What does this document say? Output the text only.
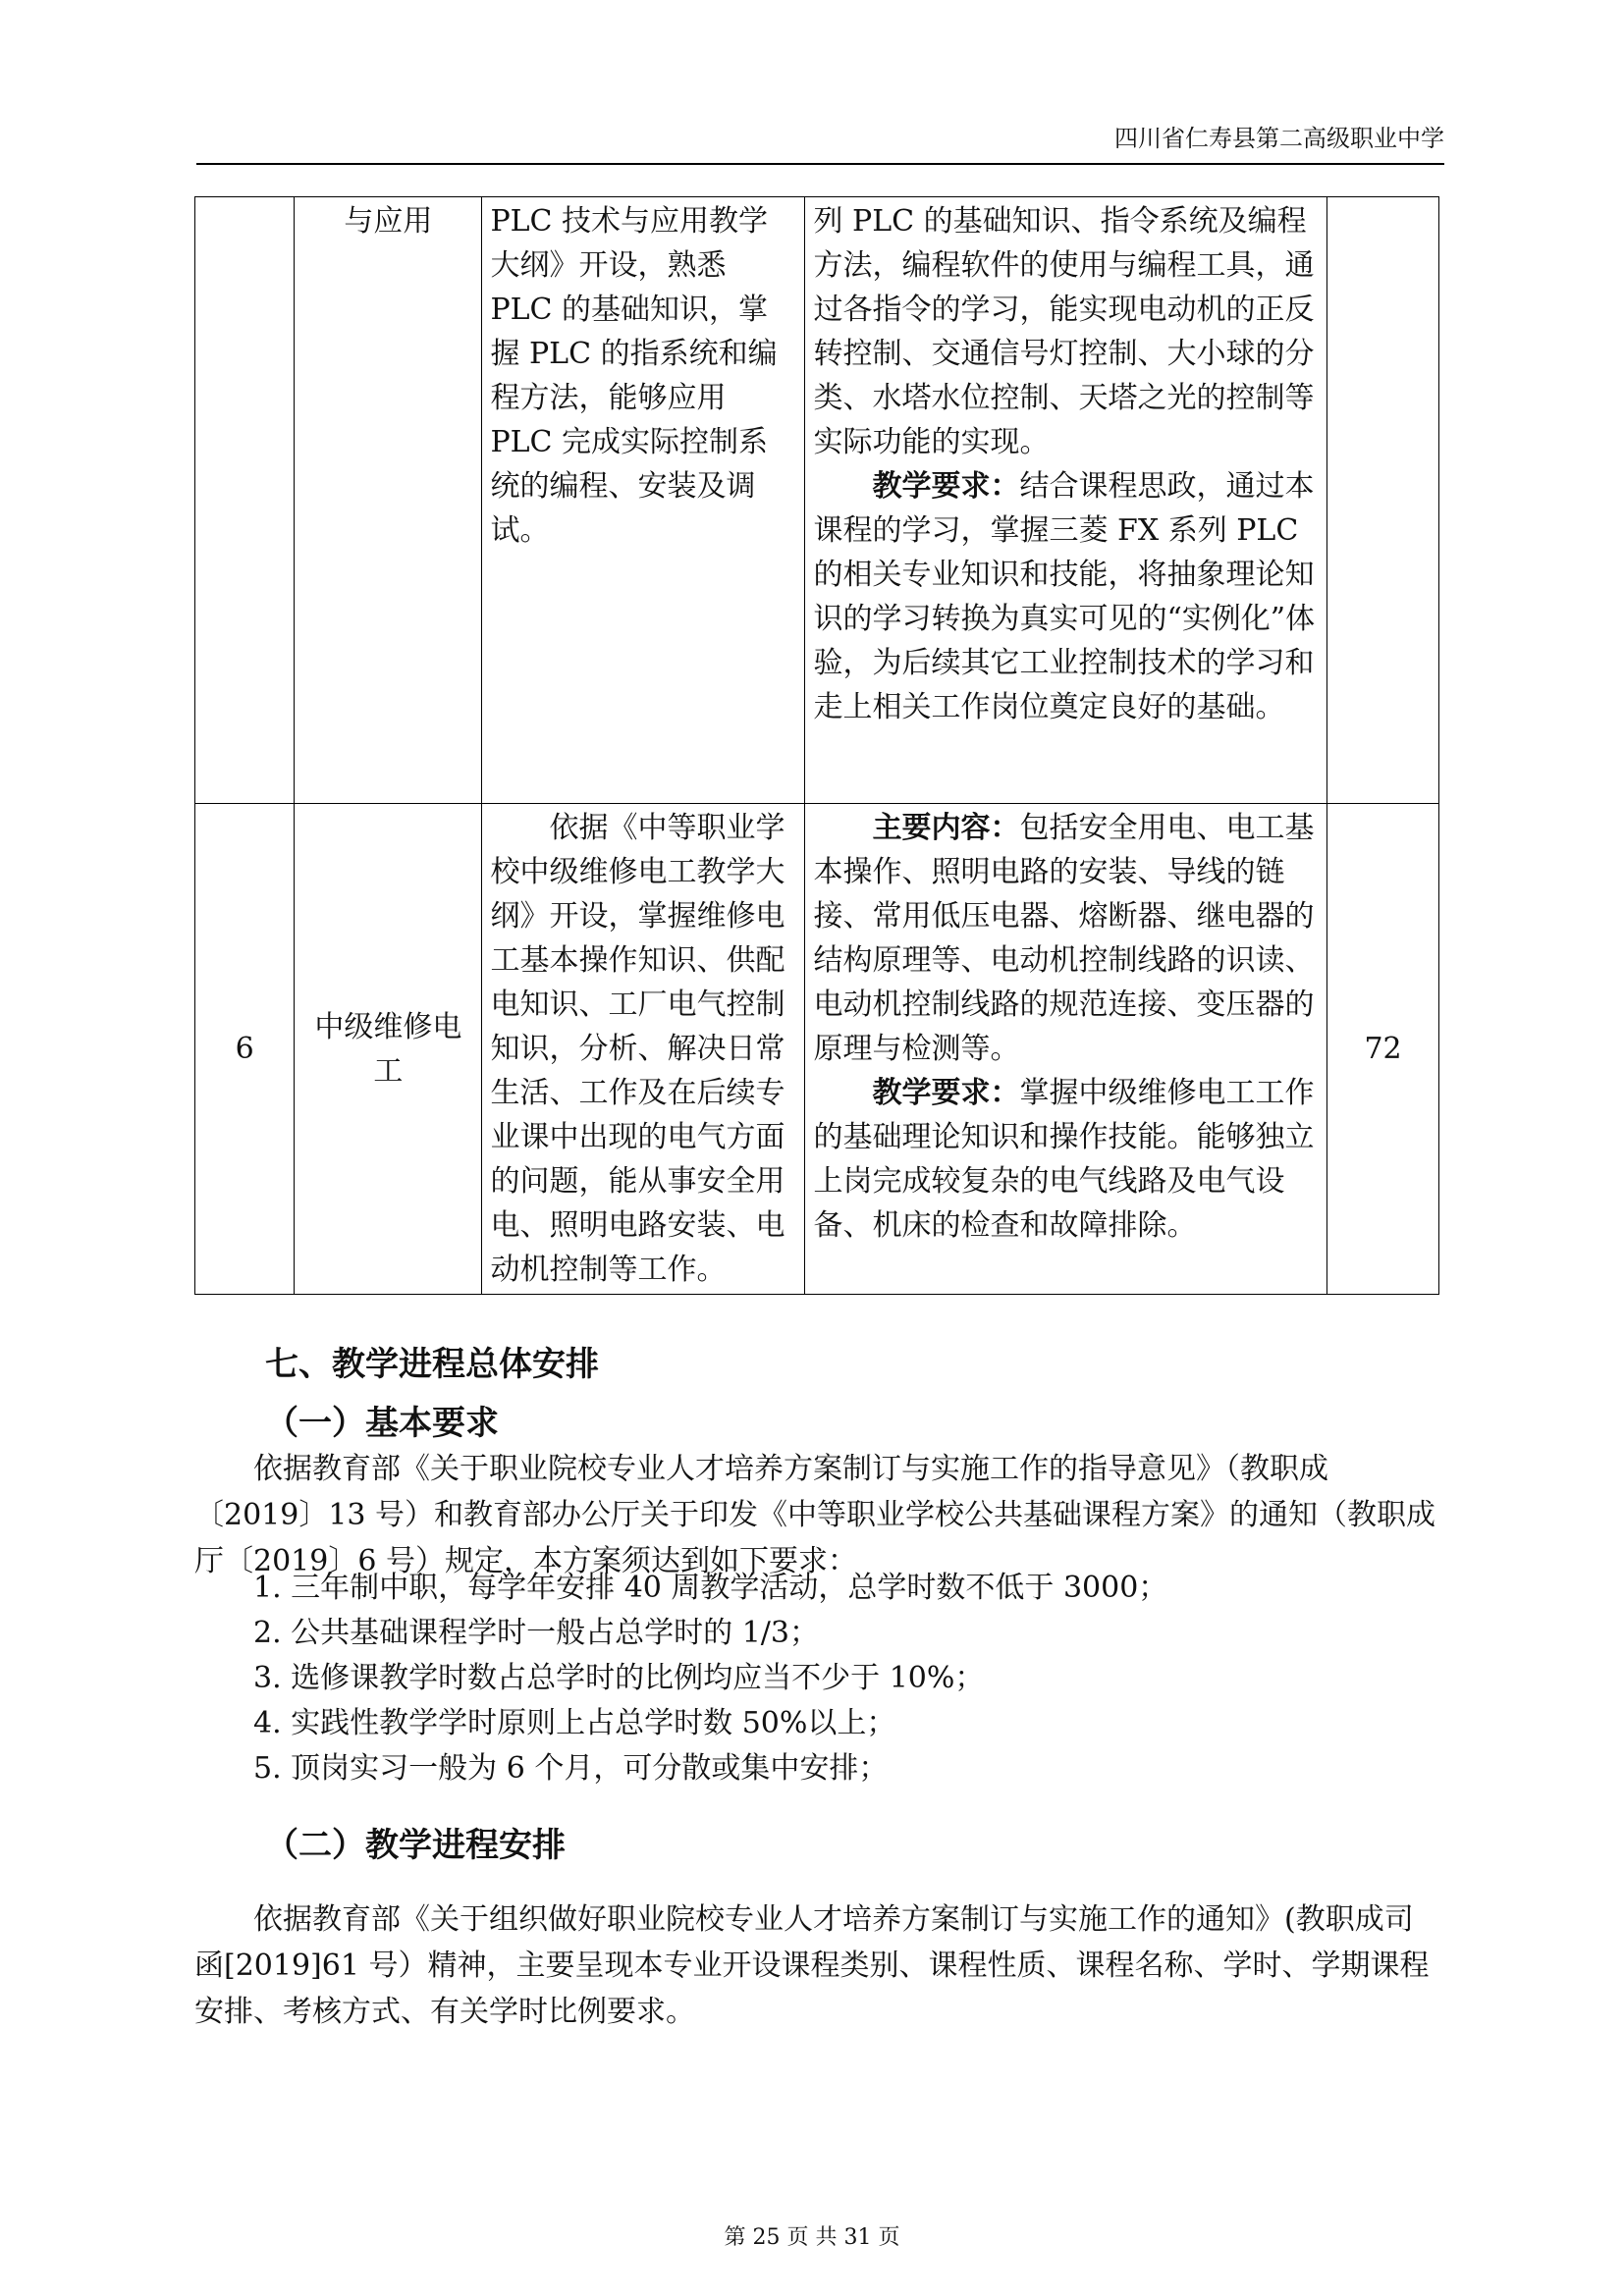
四川省仁寿县第二高级职业中学
	与应用	PLC 技术与应用教学大纲》开设，熟悉 PLC 的基础知识，掌握 PLC 的指系统和编程方法，能够应用 PLC 完成实际控制系统的编程、安装及调试。	列 PLC 的基础知识、指令系统及编程方法，编程软件的使用与编程工具，通过各指令的学习，能实现电动机的正反转控制、交通信号灯控制、大小球的分类、水塔水位控制、天塔之光的控制等实际功能的实现。
教学要求：结合课程思政，通过本课程的学习，掌握三菱 FX 系列 PLC 的相关专业知识和技能，将抽象理论知识的学习转换为真实可见的“实例化”体验，为后续其它工业控制技术的学习和走上相关工作岗位奠定良好的基础。	

6	中级维修电工	依据《中等职业学校中级维修电工教学大纲》开设，掌握维修电工基本操作知识、供配电知识、工厂电气控制知识，分析、解决日常生活、工作及在后续专业课中出现的电气方面的问题，能从事安全用电、照明电路安装、电动机控制等工作。	主要内容：包括安全用电、电工基本操作、照明电路的安装、导线的链接、常用低压电器、熔断器、继电器的结构原理等、电动机控制线路的识读、电动机控制线路的规范连接、变压器的原理与检测等。
教学要求：掌握中级维修电工工作的基础理论知识和操作技能。能够独立上岗完成较复杂的电气线路及电气设备、机床的检查和故障排除。	72
七、教学进程总体安排
（一）基本要求
依据教育部《关于职业院校专业人才培养方案制订与实施工作的指导意见》（教职成〔2019〕13 号）和教育部办公厅关于印发《中等职业学校公共基础课程方案》的通知（教职成厅〔2019〕6 号）规定，本方案须达到如下要求：
1. 三年制中职，每学年安排 40 周教学活动，总学时数不低于 3000；
2. 公共基础课程学时一般占总学时的 1/3；
3. 选修课教学时数占总学时的比例均应当不少于 10%；
4. 实践性教学学时原则上占总学时数 50%以上；
5. 顶岗实习一般为 6 个月，可分散或集中安排；
（二）教学进程安排
依据教育部《关于组织做好职业院校专业人才培养方案制订与实施工作的通知》(教职成司函[2019]61 号）精神，主要呈现本专业开设课程类别、课程性质、课程名称、学时、学期课程安排、考核方式、有关学时比例要求。
第 25 页 共 31 页
